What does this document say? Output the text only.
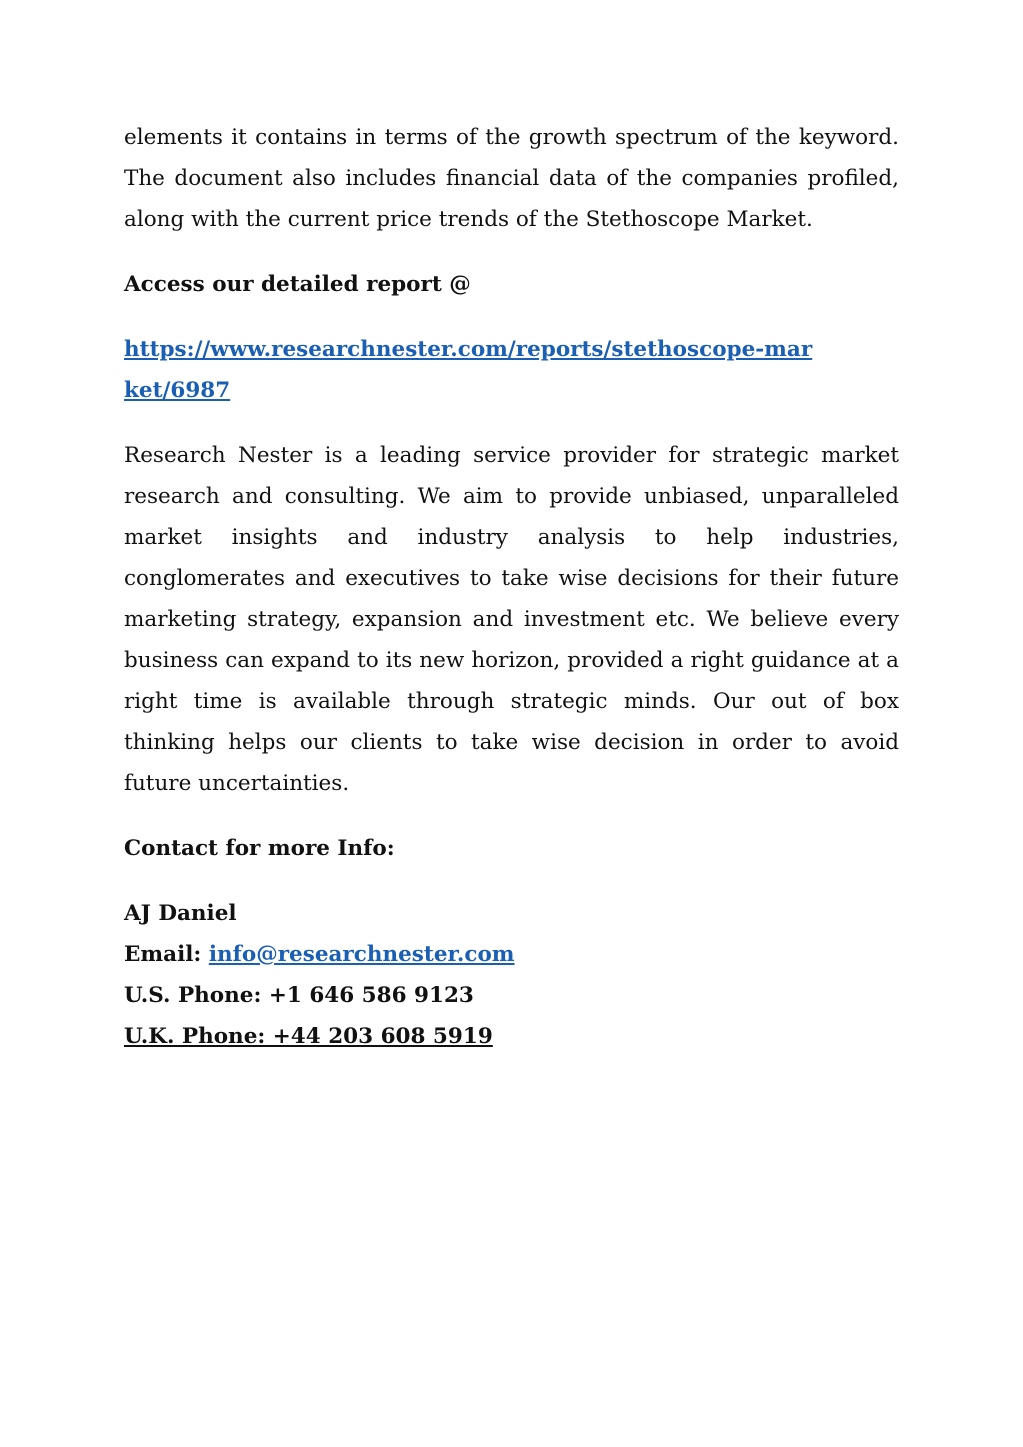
elements it contains in terms of the growth spectrum of the keyword. The document also includes financial data of the companies profiled, along with the current price trends of the Stethoscope Market.

Access our detailed report @

https://www.researchnester.com/reports/stethoscope-market/6987

Research Nester is a leading service provider for strategic market research and consulting. We aim to provide unbiased, unparalleled market insights and industry analysis to help industries, conglomerates and executives to take wise decisions for their future marketing strategy, expansion and investment etc. We believe every business can expand to its new horizon, provided a right guidance at a right time is available through strategic minds. Our out of box thinking helps our clients to take wise decision in order to avoid future uncertainties.

Contact for more Info:

AJ Daniel

Email: info@researchnester.com

U.S. Phone: +1 646 586 9123

U.K. Phone: +44 203 608 5919
